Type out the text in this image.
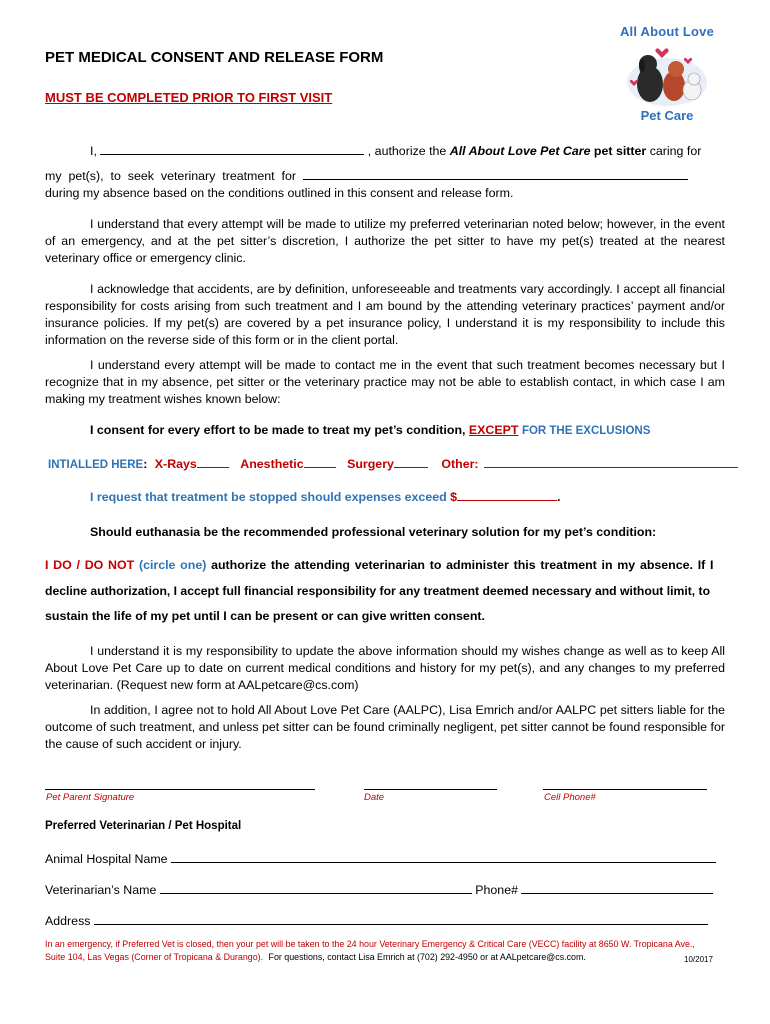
All About Love
Pet Care
PET MEDICAL CONSENT AND RELEASE FORM
MUST BE COMPLETED PRIOR TO FIRST VISIT
I,	, authorize the All About Love Pet Care pet sitter caring for
my pet(s), to seek veterinary treatment for
during my absence based on the conditions outlined in this consent and release form.
I understand that every attempt will be made to utilize my preferred veterinarian noted below; however, in the event of an emergency, and at the pet sitter’s discretion, I authorize the pet sitter to have my pet(s) treated at the nearest veterinary office or emergency clinic.
I acknowledge that accidents, are by definition, unforeseeable and treatments vary accordingly. I accept all financial responsibility for costs arising from such treatment and I am bound by the attending veterinary practices’ payment and/or insurance policies. If my pet(s) are covered by a pet insurance policy, I understand it is my responsibility to include this information on the reverse side of this form or in the client portal.
I understand every attempt will be made to contact me in the event that such treatment becomes necessary but I recognize that in my absence, pet sitter or the veterinary practice may not be able to establish contact, in which case I am making my treatment wishes known below:
I consent for every effort to be made to treat my pet’s condition, EXCEPT FOR THE EXCLUSIONS
INTIALLED HERE: X-Rays	Anesthetic	Surgery	Other:
I request that treatment be stopped should expenses exceed $	.
Should euthanasia be the recommended professional veterinary solution for my pet’s condition:
I DO / DO NOT (circle one) authorize the attending veterinarian to administer this treatment in my absence. If I
decline authorization, I accept full financial responsibility for any treatment deemed necessary and without limit, to
sustain the life of my pet until I can be present or can give written consent.
I understand it is my responsibility to update the above information should my wishes change as well as to keep All About Love Pet Care up to date on current medical conditions and history for my pet(s), and any changes to my preferred veterinarian. (Request new form at AALpetcare@cs.com)
In addition, I agree not to hold All About Love Pet Care (AALPC), Lisa Emrich and/or AALPC pet sitters liable for the outcome of such treatment, and unless pet sitter can be found criminally negligent, pet sitter cannot be found responsible for the cause of such accident or injury.
Pet Parent Signature	Date	Cell Phone#
Preferred Veterinarian / Pet Hospital
Animal Hospital Name
Veterinarian’s Name	Phone#
Address
In an emergency, if Preferred Vet is closed, then your pet will be taken to the 24 hour Veterinary Emergency & Critical Care (VECC) facility at 8650 W. Tropicana Ave.,
Suite 104, Las Vegas (Corner of Tropicana & Durango). For questions, contact Lisa Emrich at (702) 292-4950 or at AALpetcare@cs.com.	10/2017
